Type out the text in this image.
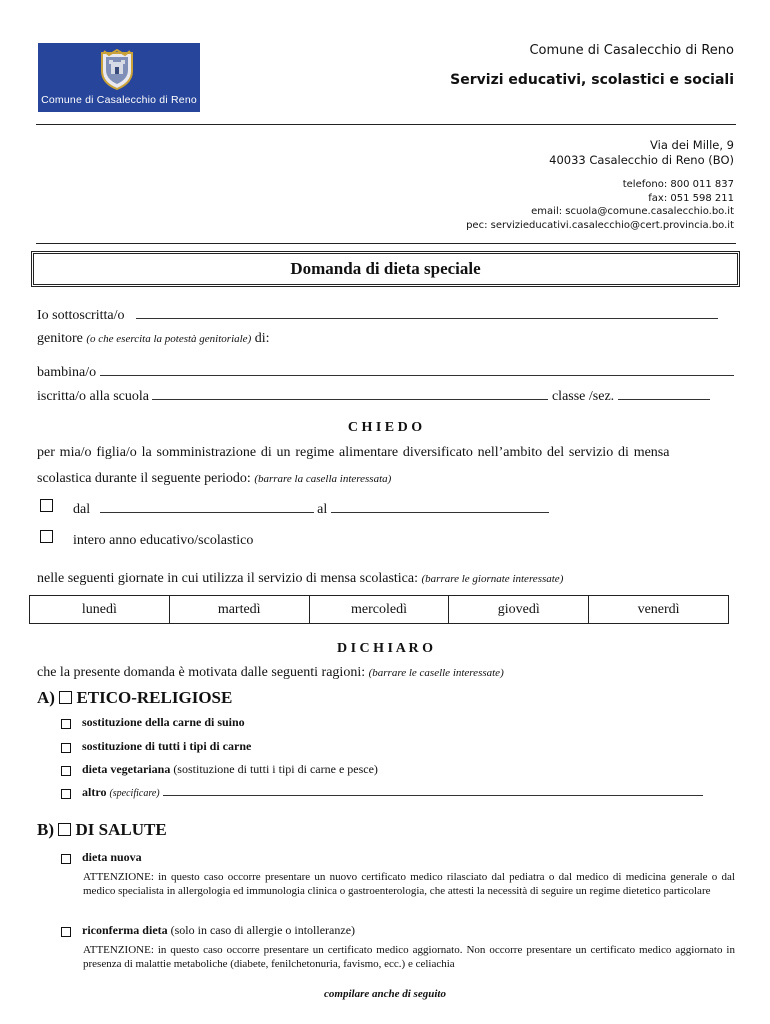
Comune di Casalecchio di Reno
Comune di Casalecchio di Reno
Servizi educativi, scolastici e sociali
Via dei Mille, 9
40033 Casalecchio di Reno (BO)
telefono: 800 011 837
fax: 051 598 211
email: scuola@comune.casalecchio.bo.it
pec: servizieducativi.casalecchio@cert.provincia.bo.it
Domanda di dieta speciale
Io sottoscritta/o
genitore (o che esercita la potestà genitoriale) di:
bambina/o
iscritta/o alla scuola	classe /sez.
C H I E D O
per mia/o figlia/o la somministrazione di un regime alimentare diversificato nell’ambito del servizio di mensa
scolastica durante il seguente periodo: (barrare la casella interessata)
dal	al
intero anno educativo/scolastico
nelle seguenti giornate in cui utilizza il servizio di mensa scolastica: (barrare le giornate interessate)
lunedì	martedì	mercoledì	giovedì	venerdì
D I C H I A R O
che la presente domanda è motivata dalle seguenti ragioni: (barrare le caselle interessate)
A) ETICO-RELIGIOSE
sostituzione della carne di suino
sostituzione di tutti i tipi di carne
dieta vegetariana (sostituzione di tutti i tipi di carne e pesce)
altro (specificare)
B) DI SALUTE
dieta nuova
ATTENZIONE: in questo caso occorre presentare un nuovo certificato medico rilasciato dal pediatra o dal medico di medicina generale o dal medico specialista in allergologia ed immunologia clinica o gastroenterologia, che attesti la necessità di seguire un regime dietetico particolare
riconferma dieta (solo in caso di allergie o intolleranze)
ATTENZIONE: in questo caso occorre presentare un certificato medico aggiornato. Non occorre presentare un certificato medico aggiornato in presenza di malattie metaboliche (diabete, fenilchetonuria, favismo, ecc.) e celiachia
compilare anche di seguito
